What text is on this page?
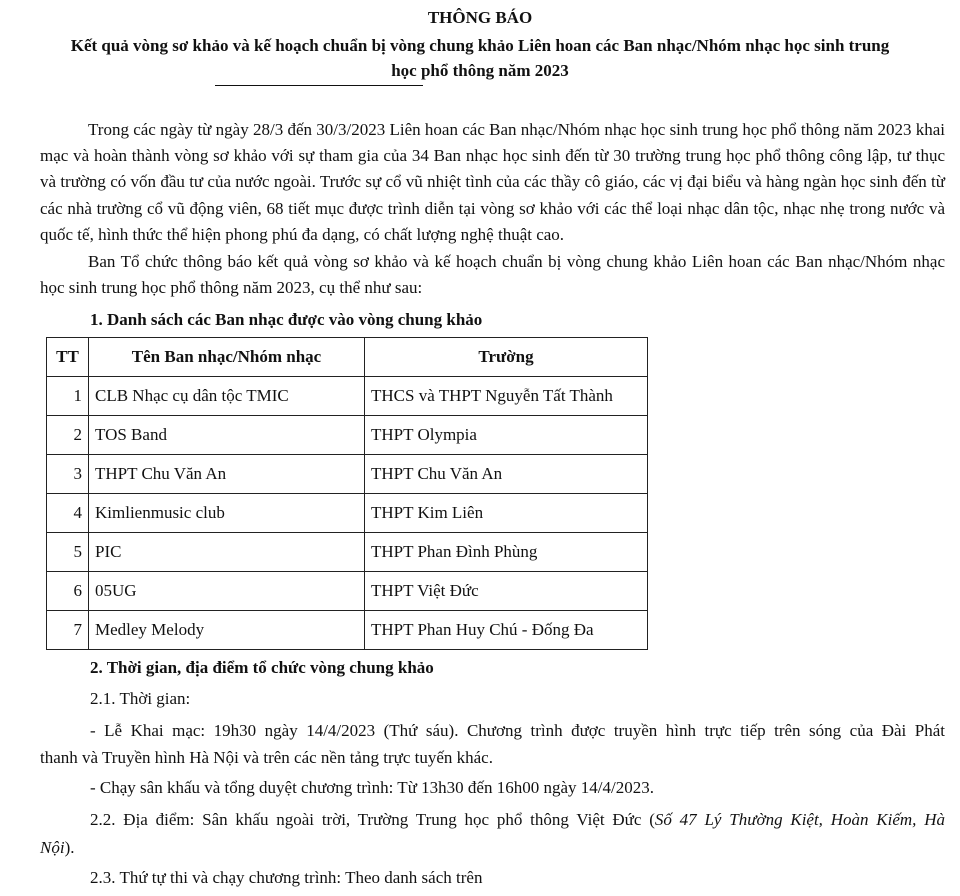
THÔNG BÁO
Kết quả vòng sơ khảo và kế hoạch chuẩn bị vòng chung khảo Liên hoan các Ban nhạc/Nhóm nhạc học sinh trung
học phổ thông năm 2023

Trong các ngày từ ngày 28/3 đến 30/3/2023 Liên hoan các Ban nhạc/Nhóm nhạc học sinh trung học phổ thông năm 2023 khai mạc và hoàn thành vòng sơ khảo với sự tham gia của 34 Ban nhạc học sinh đến từ 30 trường trung học phổ thông công lập, tư thục và trường có vốn đầu tư của nước ngoài. Trước sự cổ vũ nhiệt tình của các thầy cô giáo, các vị đại biểu và hàng ngàn học sinh đến từ các nhà trường cổ vũ động viên, 68 tiết mục được trình diễn tại vòng sơ khảo với các thể loại nhạc dân tộc, nhạc nhẹ trong nước và quốc tế, hình thức thể hiện phong phú đa dạng, có chất lượng nghệ thuật cao.

Ban Tổ chức thông báo kết quả vòng sơ khảo và kế hoạch chuẩn bị vòng chung khảo Liên hoan các Ban nhạc/Nhóm nhạc học sinh trung học phổ thông năm 2023, cụ thể như sau:

1. Danh sách các Ban nhạc được vào vòng chung khảo
TT	Tên Ban nhạc/Nhóm nhạc	Trường
1	CLB Nhạc cụ dân tộc TMIC	THCS và THPT Nguyễn Tất Thành
2	TOS Band	THPT Olympia
3	THPT Chu Văn An	THPT Chu Văn An
4	Kimlienmusic club	THPT Kim Liên
5	PIC	THPT Phan Đình Phùng
6	05UG	THPT Việt Đức
7	Medley Melody	THPT Phan Huy Chú - Đống Đa
2. Thời gian, địa điểm tổ chức vòng chung khảo
2.1. Thời gian:
- Lễ Khai mạc: 19h30 ngày 14/4/2023 (Thứ sáu). Chương trình được truyền hình trực tiếp trên sóng của Đài Phát
thanh và Truyền hình Hà Nội và trên các nền tảng trực tuyến khác.
- Chạy sân khấu và tổng duyệt chương trình: Từ 13h30 đến 16h00 ngày 14/4/2023.
2.2. Địa điểm: Sân khấu ngoài trời, Trường Trung học phổ thông Việt Đức (Số 47 Lý Thường Kiệt, Hoàn Kiếm, Hà
Nội).
2.3. Thứ tự thi và chạy chương trình: Theo danh sách trên
